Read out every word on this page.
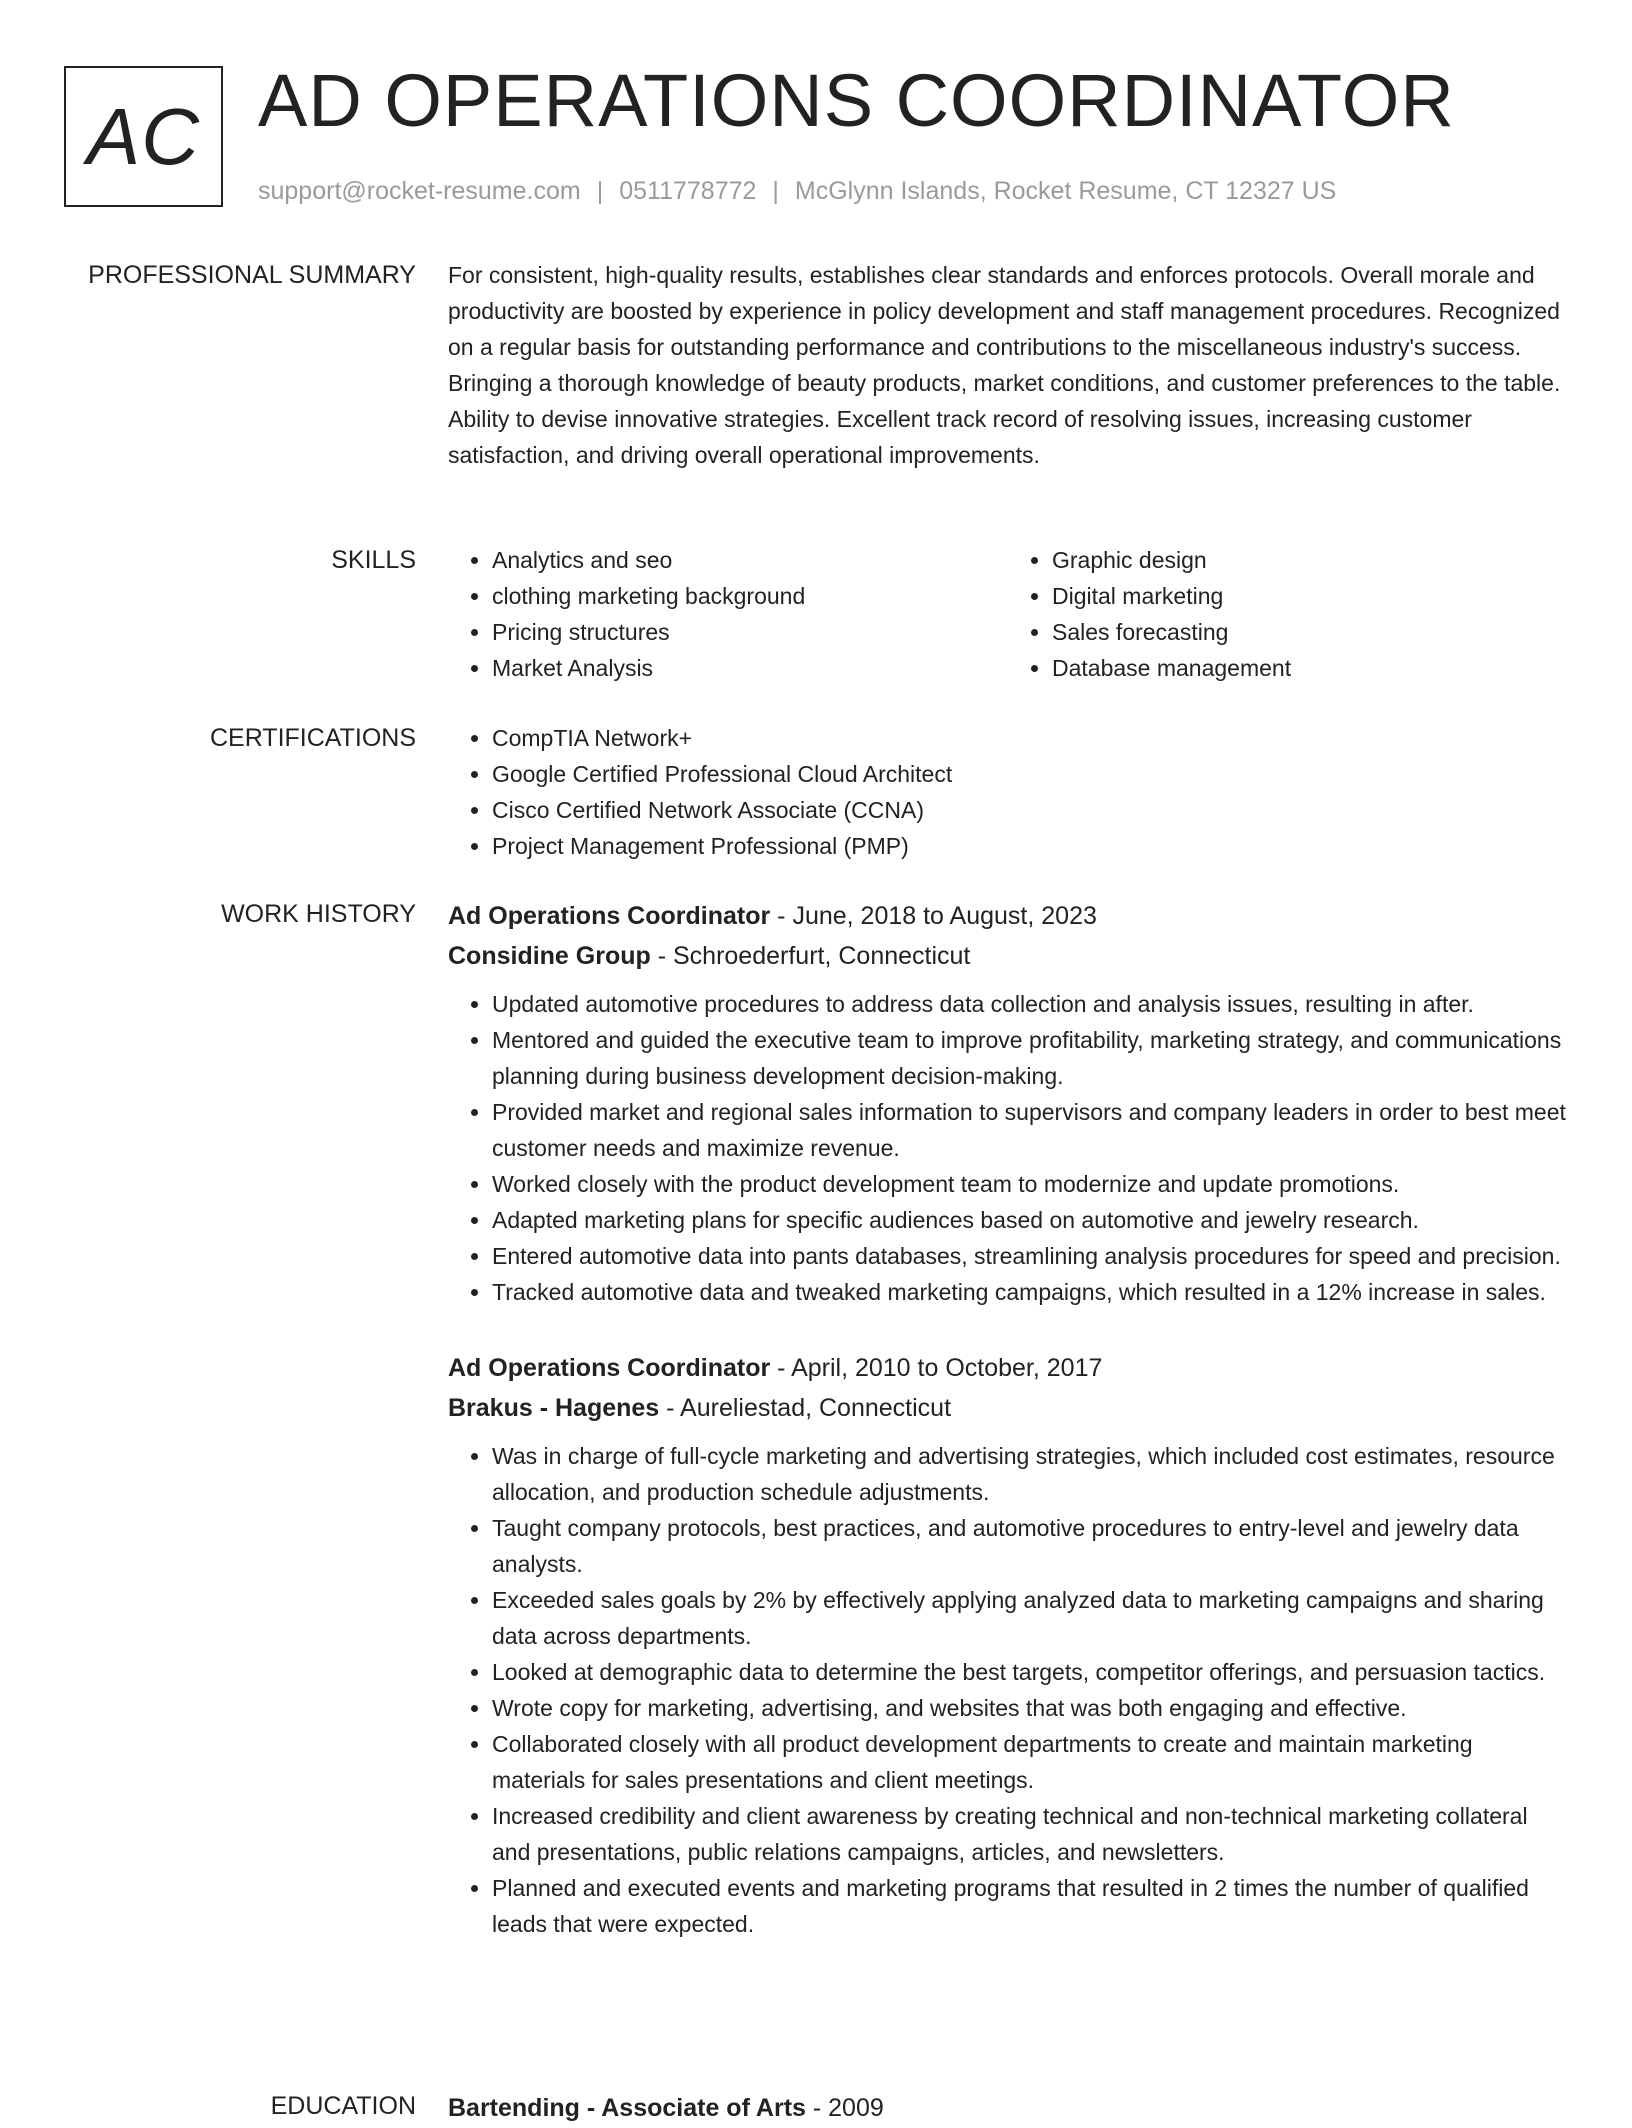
AC AD OPERATIONS COORDINATOR
support@rocket-resume.com | 0511778772 | McGlynn Islands, Rocket Resume, CT 12327 US
PROFESSIONAL SUMMARY For consistent, high-quality results, establishes clear standards and enforces protocols. Overall morale and productivity are boosted by experience in policy development and staff management procedures. Recognized on a regular basis for outstanding performance and contributions to the miscellaneous industry's success. Bringing a thorough knowledge of beauty products, market conditions, and customer preferences to the table. Ability to devise innovative strategies. Excellent track record of resolving issues, increasing customer satisfaction, and driving overall operational improvements.

SKILLS	• Analytics and seo
• clothing marketing background
• Pricing structures
• Market Analysis
• Graphic design
• Digital marketing
• Sales forecasting
• Database management
CERTIFICATIONS	• CompTIA Network+
• Google Certified Professional Cloud Architect
• Cisco Certified Network Associate (CCNA)
• Project Management Professional (PMP)
WORK HISTORY Ad Operations Coordinator - June, 2018 to August, 2023
Considine Group - Schroederfurt, Connecticut
• Updated automotive procedures to address data collection and analysis issues, resulting in after.
• Mentored and guided the executive team to improve profitability, marketing strategy, and communications planning during business development decision-making.
• Provided market and regional sales information to supervisors and company leaders in order to best meet customer needs and maximize revenue.
• Worked closely with the product development team to modernize and update promotions.
• Adapted marketing plans for specific audiences based on automotive and jewelry research.
• Entered automotive data into pants databases, streamlining analysis procedures for speed and precision.
• Tracked automotive data and tweaked marketing campaigns, which resulted in a 12% increase in sales.
Ad Operations Coordinator - April, 2010 to October, 2017
Brakus - Hagenes - Aureliestad, Connecticut
• Was in charge of full-cycle marketing and advertising strategies, which included cost estimates, resource allocation, and production schedule adjustments.
• Taught company protocols, best practices, and automotive procedures to entry-level and jewelry data analysts.
• Exceeded sales goals by 2% by effectively applying analyzed data to marketing campaigns and sharing data across departments.
• Looked at demographic data to determine the best targets, competitor offerings, and persuasion tactics.
• Wrote copy for marketing, advertising, and websites that was both engaging and effective.
• Collaborated closely with all product development departments to create and maintain marketing materials for sales presentations and client meetings.
• Increased credibility and client awareness by creating technical and non-technical marketing collateral and presentations, public relations campaigns, articles, and newsletters.
• Planned and executed events and marketing programs that resulted in 2 times the number of qualified leads that were expected.
EDUCATION Bartending - Associate of Arts - 2009
